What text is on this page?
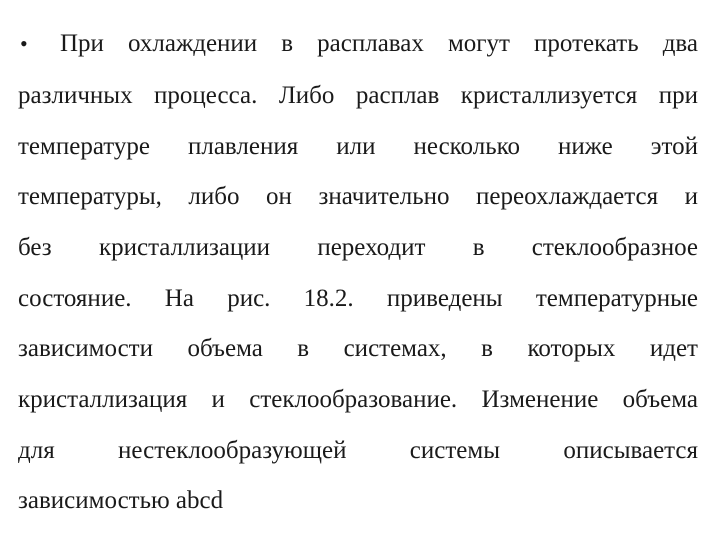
•	При охлаждении в расплавах могут протекать два
различных процесса. Либо расплав кристаллизуется при
температуре плавления или несколько ниже этой
температуры, либо он значительно переохлаждается и
без кристаллизации переходит в стеклообразное
состояние. На рис. 18.2. приведены температурные
зависимости объема в системах, в которых идет
кристаллизация и стеклообразование. Изменение объема
для нестеклообразующей системы описывается
зависимостью abcd
